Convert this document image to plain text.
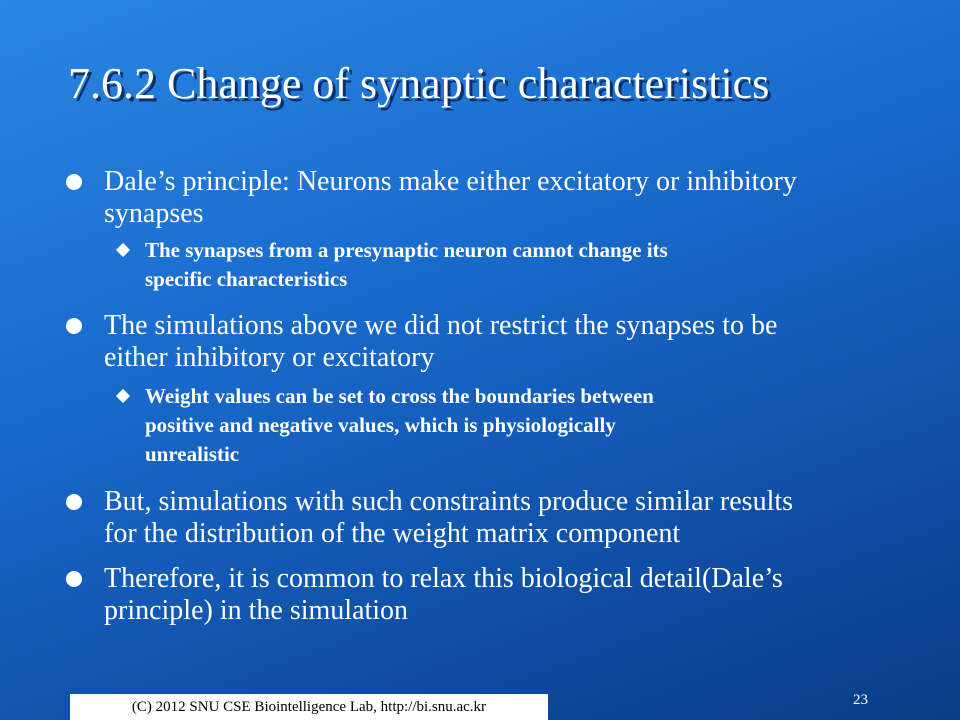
7.6.2 Change of synaptic characteristics
Dale’s principle: Neurons make either excitatory or inhibitory
synapses
The synapses from a presynaptic neuron cannot change its
specific characteristics
The simulations above we did not restrict the synapses to be
either inhibitory or excitatory
Weight values can be set to cross the boundaries between
positive and negative values, which is physiologically
unrealistic
But, simulations with such constraints produce similar results
for the distribution of the weight matrix component
Therefore, it is common to relax this biological detail(Dale’s
principle) in the simulation
(C) 2012 SNU CSE Biointelligence Lab, http://bi.snu.ac.kr	23
